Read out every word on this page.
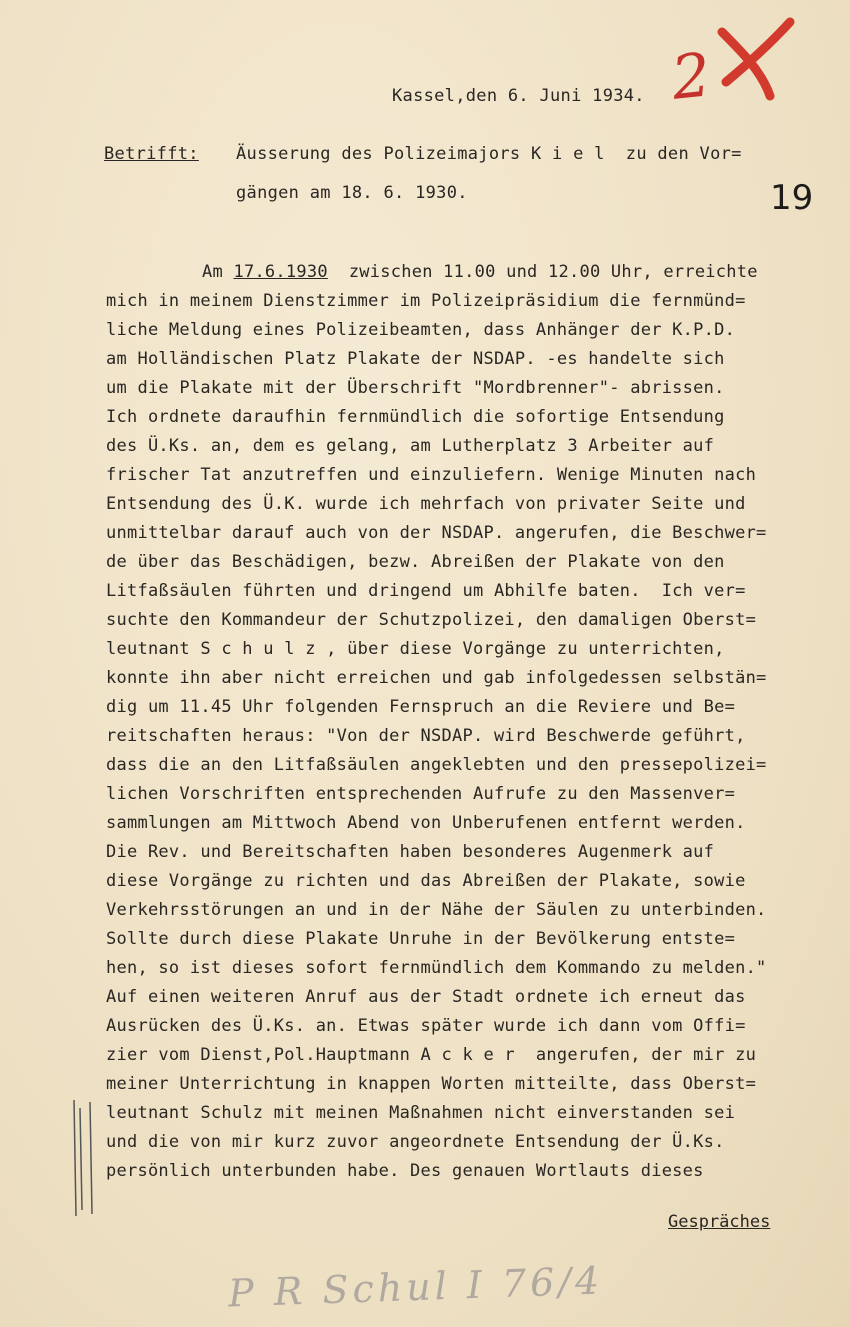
Kassel,den 6. Juni 1934. 2
Betrifft: Äusserung des Polizeimajors K i e l  zu den Vor=
gängen am 18. 6. 1930.	19
Am 17.6.1930  zwischen 11.00 und 12.00 Uhr, erreichte
mich in meinem Dienstzimmer im Polizeipräsidium die fernmünd=
liche Meldung eines Polizeibeamten, dass Anhänger der K.P.D.
am Holländischen Platz Plakate der NSDAP. -es handelte sich
um die Plakate mit der Überschrift "Mordbrenner"- abrissen.
Ich ordnete daraufhin fernmündlich die sofortige Entsendung
des Ü.Ks. an, dem es gelang, am Lutherplatz 3 Arbeiter auf
frischer Tat anzutreffen und einzuliefern. Wenige Minuten nach
Entsendung des Ü.K. wurde ich mehrfach von privater Seite und
unmittelbar darauf auch von der NSDAP. angerufen, die Beschwer=
de über das Beschädigen, bezw. Abreißen der Plakate von den
Litfaßsäulen führten und dringend um Abhilfe baten.  Ich ver=
suchte den Kommandeur der Schutzpolizei, den damaligen Oberst=
leutnant S c h u l z , über diese Vorgänge zu unterrichten,
konnte ihn aber nicht erreichen und gab infolgedessen selbstän=
dig um 11.45 Uhr folgenden Fernspruch an die Reviere und Be=
reitschaften heraus: "Von der NSDAP. wird Beschwerde geführt,
dass die an den Litfaßsäulen angeklebten und den pressepolizei=
lichen Vorschriften entsprechenden Aufrufe zu den Massenver=
sammlungen am Mittwoch Abend von Unberufenen entfernt werden.
Die Rev. und Bereitschaften haben besonderes Augenmerk auf
diese Vorgänge zu richten und das Abreißen der Plakate, sowie
Verkehrsstörungen an und in der Nähe der Säulen zu unterbinden.
Sollte durch diese Plakate Unruhe in der Bevölkerung entste=
hen, so ist dieses sofort fernmündlich dem Kommando zu melden."
Auf einen weiteren Anruf aus der Stadt ordnete ich erneut das
Ausrücken des Ü.Ks. an. Etwas später wurde ich dann vom Offi=
zier vom Dienst,Pol.Hauptmann A c k e r  angerufen, der mir zu
meiner Unterrichtung in knappen Worten mitteilte, dass Oberst=
leutnant Schulz mit meinen Maßnahmen nicht einverstanden sei
und die von mir kurz zuvor angeordnete Entsendung der Ü.Ks.
persönlich unterbunden habe. Des genauen Wortlauts dieses
Gespräches
P R Schul I 76/4
